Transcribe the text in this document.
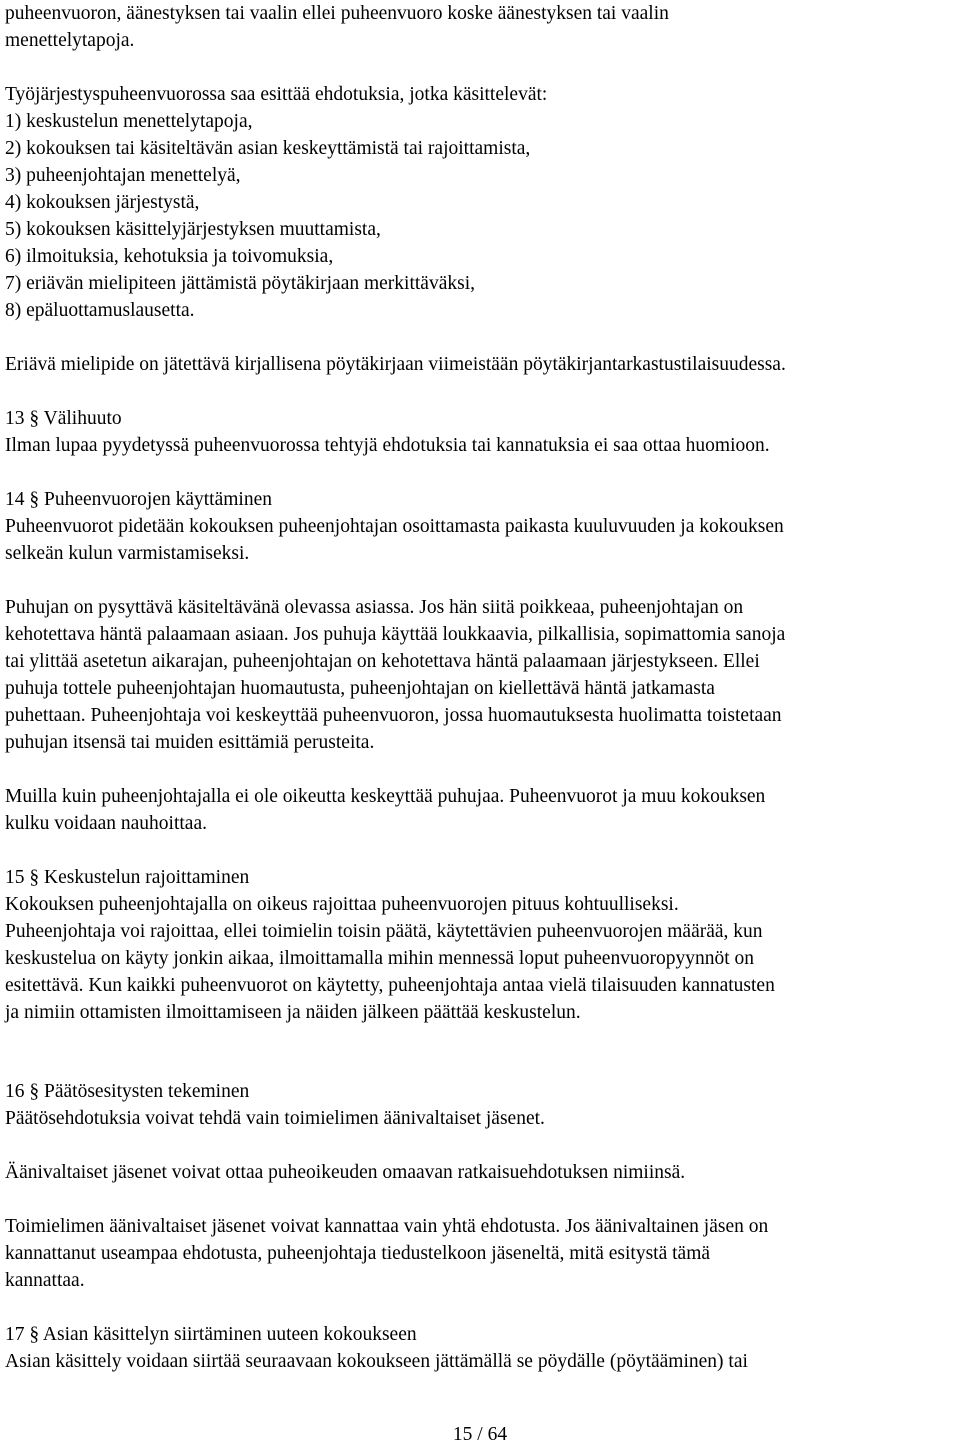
puheenvuoron, äänestyksen tai vaalin ellei puheenvuoro koske äänestyksen tai vaalin

menettelytapoja.

Työjärjestyspuheenvuorossa saa esittää ehdotuksia, jotka käsittelevät:

1) keskustelun menettelytapoja,

2) kokouksen tai käsiteltävän asian keskeyttämistä tai rajoittamista,

3) puheenjohtajan menettelyä,

4) kokouksen järjestystä,

5) kokouksen käsittelyjärjestyksen muuttamista,

6) ilmoituksia, kehotuksia ja toivomuksia,

7) eriävän mielipiteen jättämistä pöytäkirjaan merkittäväksi,

8) epäluottamuslausetta.

Eriävä mielipide on jätettävä kirjallisena pöytäkirjaan viimeistään pöytäkirjantarkastustilaisuudessa.

13 § Välihuuto

Ilman lupaa pyydetyssä puheenvuorossa tehtyjä ehdotuksia tai kannatuksia ei saa ottaa huomioon.

14 § Puheenvuorojen käyttäminen

Puheenvuorot pidetään kokouksen puheenjohtajan osoittamasta paikasta kuuluvuuden ja kokouksen

selkeän kulun varmistamiseksi.

Puhujan on pysyttävä käsiteltävänä olevassa asiassa. Jos hän siitä poikkeaa, puheenjohtajan on

kehotettava häntä palaamaan asiaan. Jos puhuja käyttää loukkaavia, pilkallisia, sopimattomia sanoja

tai ylittää asetetun aikarajan, puheenjohtajan on kehotettava häntä palaamaan järjestykseen. Ellei

puhuja tottele puheenjohtajan huomautusta, puheenjohtajan on kiellettävä häntä jatkamasta

puhettaan. Puheenjohtaja voi keskeyttää puheenvuoron, jossa huomautuksesta huolimatta toistetaan

puhujan itsensä tai muiden esittämiä perusteita.

Muilla kuin puheenjohtajalla ei ole oikeutta keskeyttää puhujaa. Puheenvuorot ja muu kokouksen

kulku voidaan nauhoittaa.

15 § Keskustelun rajoittaminen

Kokouksen puheenjohtajalla on oikeus rajoittaa puheenvuorojen pituus kohtuulliseksi.

Puheenjohtaja voi rajoittaa, ellei toimielin toisin päätä, käytettävien puheenvuorojen määrää, kun

keskustelua on käyty jonkin aikaa, ilmoittamalla mihin mennessä loput puheenvuoropyynnöt on

esitettävä. Kun kaikki puheenvuorot on käytetty, puheenjohtaja antaa vielä tilaisuuden kannatusten

ja nimiin ottamisten ilmoittamiseen ja näiden jälkeen päättää keskustelun.

16 § Päätösesitysten tekeminen

Päätösehdotuksia voivat tehdä vain toimielimen äänivaltaiset jäsenet.

Äänivaltaiset jäsenet voivat ottaa puheoikeuden omaavan ratkaisuehdotuksen nimiinsä.

Toimielimen äänivaltaiset jäsenet voivat kannattaa vain yhtä ehdotusta. Jos äänivaltainen jäsen on

kannattanut useampaa ehdotusta, puheenjohtaja tiedustelkoon jäseneltä, mitä esitystä tämä

kannattaa.

17 § Asian käsittelyn siirtäminen uuteen kokoukseen

Asian käsittely voidaan siirtää seuraavaan kokoukseen jättämällä se pöydälle (pöytääminen) tai

15 / 64
